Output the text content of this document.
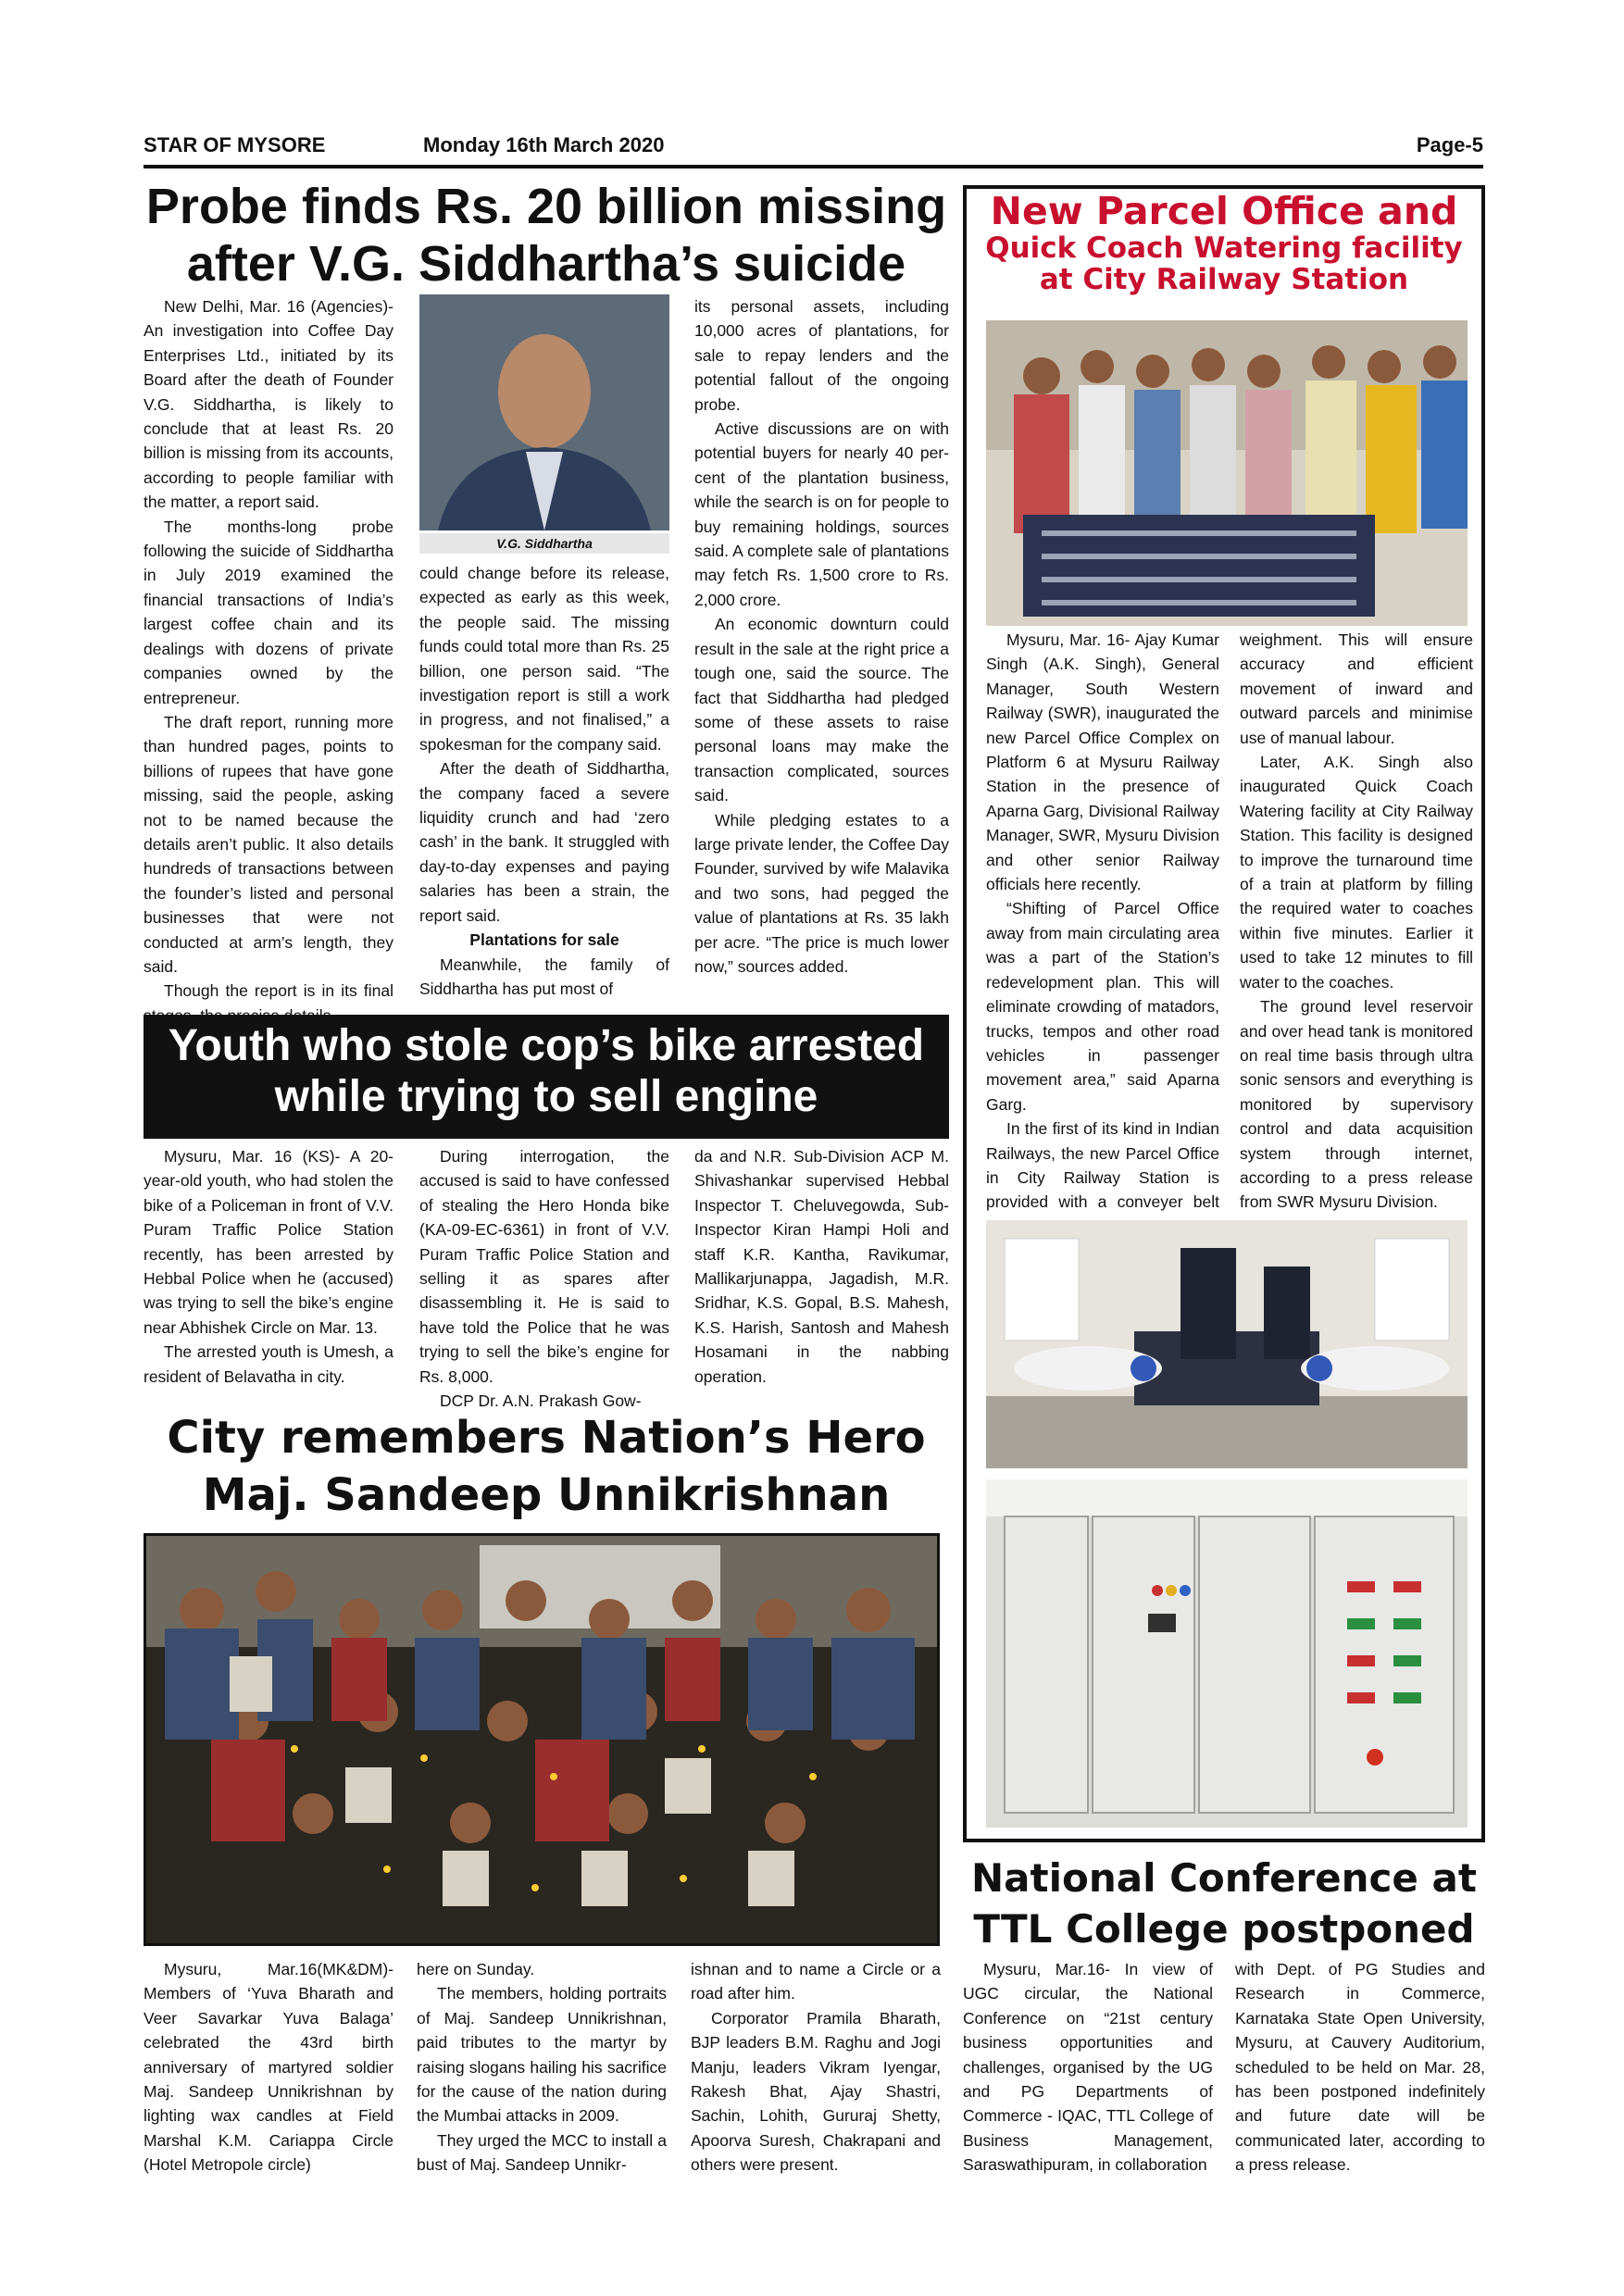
STAR OF MYSORE	Monday 16th March 2020	Page-5

Probe finds Rs. 20 billion missing

after V.G. Siddhartha’s suicide

New Delhi, Mar. 16 (Agencies)- An investigation into Coffee Day Enterprises Ltd., initiated by its Board after the death of Founder V.G. Siddhartha, is likely to conclude that at least Rs. 20 billion is missing from its accounts, according to people familiar with the matter, a report said.

The months-long probe following the suicide of Siddhartha in July 2019 examined the financial transactions of India’s largest coffee chain and its dealings with dozens of private companies owned by the entrepreneur.

The draft report, running more than hundred pages, points to billions of rupees that have gone missing, said the people, asking not to be named because the details aren’t public. It also details hundreds of transactions between the founder’s listed and personal businesses that were not conducted at arm’s length, they said.

Though the report is in its final

V.G. Siddhartha

could change before its release, expected as early as this week, the people said. The missing funds could total more than Rs. 25 billion, one person said. “The investigation report is still a work in progress, and not finalised,” a spokesman for the company said.

After the death of Siddhartha, the company faced a severe liquidity crunch and had ‘zero cash’ in the bank. It struggled with day-to-day expenses and paying salaries has been a strain, the report said.

Plantations for sale

Meanwhile, the family of Siddhartha has put most of

its personal assets, including 10,000 acres of plantations, for sale to repay lenders and the potential fallout of the ongoing probe.

Active discussions are on with potential buyers for nearly 40 per-cent of the plantation business, while the search is on for people to buy remaining holdings, sources said. A complete sale of plantations may fetch Rs. 1,500 crore to Rs. 2,000 crore.

An economic downturn could result in the sale at the right price a tough one, said the source. The fact that Siddhartha had pledged some of these assets to raise personal loans may make the transaction complicated, sources said.

While pledging estates to a large private lender, the Coffee Day Founder, survived by wife Malavika and two sons, had pegged the value of plantations at Rs. 35 lakh per acre. “The price is much lower now,” sources added.

Youth who stole cop’s bike arrested

while trying to sell engine

Mysuru, Mar. 16 (KS)- A 20-year-old youth, who had stolen the bike of a Policeman in front of V.V. Puram Traffic Police Station recently, has been arrested by Hebbal Police when he (accused) was trying to sell the bike’s engine near Abhishek Circle on Mar. 13.

The arrested youth is Umesh, a resident of Belavatha in city.

During interrogation, the accused is said to have confessed of stealing the Hero Honda bike (KA-09-EC-6361) in front of V.V. Puram Traffic Police Station and selling it as spares after disassembling it. He is said to have told the Police that he was trying to sell the bike’s engine for Rs. 8,000.

DCP Dr. A.N. Prakash Gow-

da and N.R. Sub-Division ACP M. Shivashankar supervised Hebbal Inspector T. Cheluvegowda, Sub-Inspector Kiran Hampi Holi and staff K.R. Kantha, Ravikumar, Mallikarjunappa, Jagadish, M.R. Sridhar, K.S. Gopal, B.S. Mahesh, K.S. Harish, Santosh and Mahesh Hosamani in the nabbing operation.

City remembers Nation’s Hero

Maj. Sandeep Unnikrishnan

Mysuru, Mar.16(MK&DM)- Members of ‘Yuva Bharath and Veer Savarkar Yuva Balaga’ celebrated the 43rd birth anniversary of martyred soldier Maj. Sandeep Unnikrishnan by lighting wax candles at Field Marshal K.M. Cariappa Circle (Hotel Metropole circle)

here on Sunday.

The members, holding portraits of Maj. Sandeep Unnikrishnan, paid tributes to the martyr by raising slogans hailing his sacrifice for the cause of the nation during the Mumbai attacks in 2009.

They urged the MCC to install a bust of Maj. Sandeep Unnikr-

ishnan and to name a Circle or a road after him.

Corporator Pramila Bharath, BJP leaders B.M. Raghu and Jogi Manju, leaders Vikram Iyengar, Rakesh Bhat, Ajay Shastri, Sachin, Lohith, Gururaj Shetty, Apoorva Suresh, Chakrapani and others were present.

New Parcel Office and

Quick Coach Watering facility

at City Railway Station

Mysuru, Mar. 16- Ajay Kumar Singh (A.K. Singh), General Manager, South Western Railway (SWR), inaugurated the new Parcel Office Complex on Platform 6 at Mysuru Railway Station in the presence of Aparna Garg, Divisional Railway Manager, SWR, Mysuru Division and other senior Railway officials here recently.

“Shifting of Parcel Office away from main circulating area was a part of the Station’s redevelopment plan. This will eliminate crowding of matadors, trucks, tempos and other road vehicles in passenger movement area,” said Aparna Garg.

In the first of its kind in Indian Railways, the new Parcel Office in City Railway Station is provided with a conveyer belt

weighment. This will ensure accuracy and efficient movement of inward and outward parcels and minimise use of manual labour.

Later, A.K. Singh also inaugurated Quick Coach Watering facility at City Railway Station. This facility is designed to improve the turnaround time of a train at platform by filling the required water to coaches within five minutes. Earlier it used to take 12 minutes to fill water to the coaches.

The ground level reservoir and over head tank is monitored on real time basis through ultra sonic sensors and everything is monitored by supervisory control and data acquisition system through internet, according to a press release from SWR Mysuru Division.

National Conference at

TTL College postponed

Mysuru, Mar.16- In view of UGC circular, the National Conference on “21st century business opportunities and challenges, organised by the UG and PG Departments of Commerce - IQAC, TTL College of Business Management, Saraswathipuram, in collaboration

with Dept. of PG Studies and Research in Commerce, Karnataka State Open University, Mysuru, at Cauvery Auditorium, scheduled to be held on Mar. 28, has been postponed indefinitely and future date will be communicated later, according to a press release.
